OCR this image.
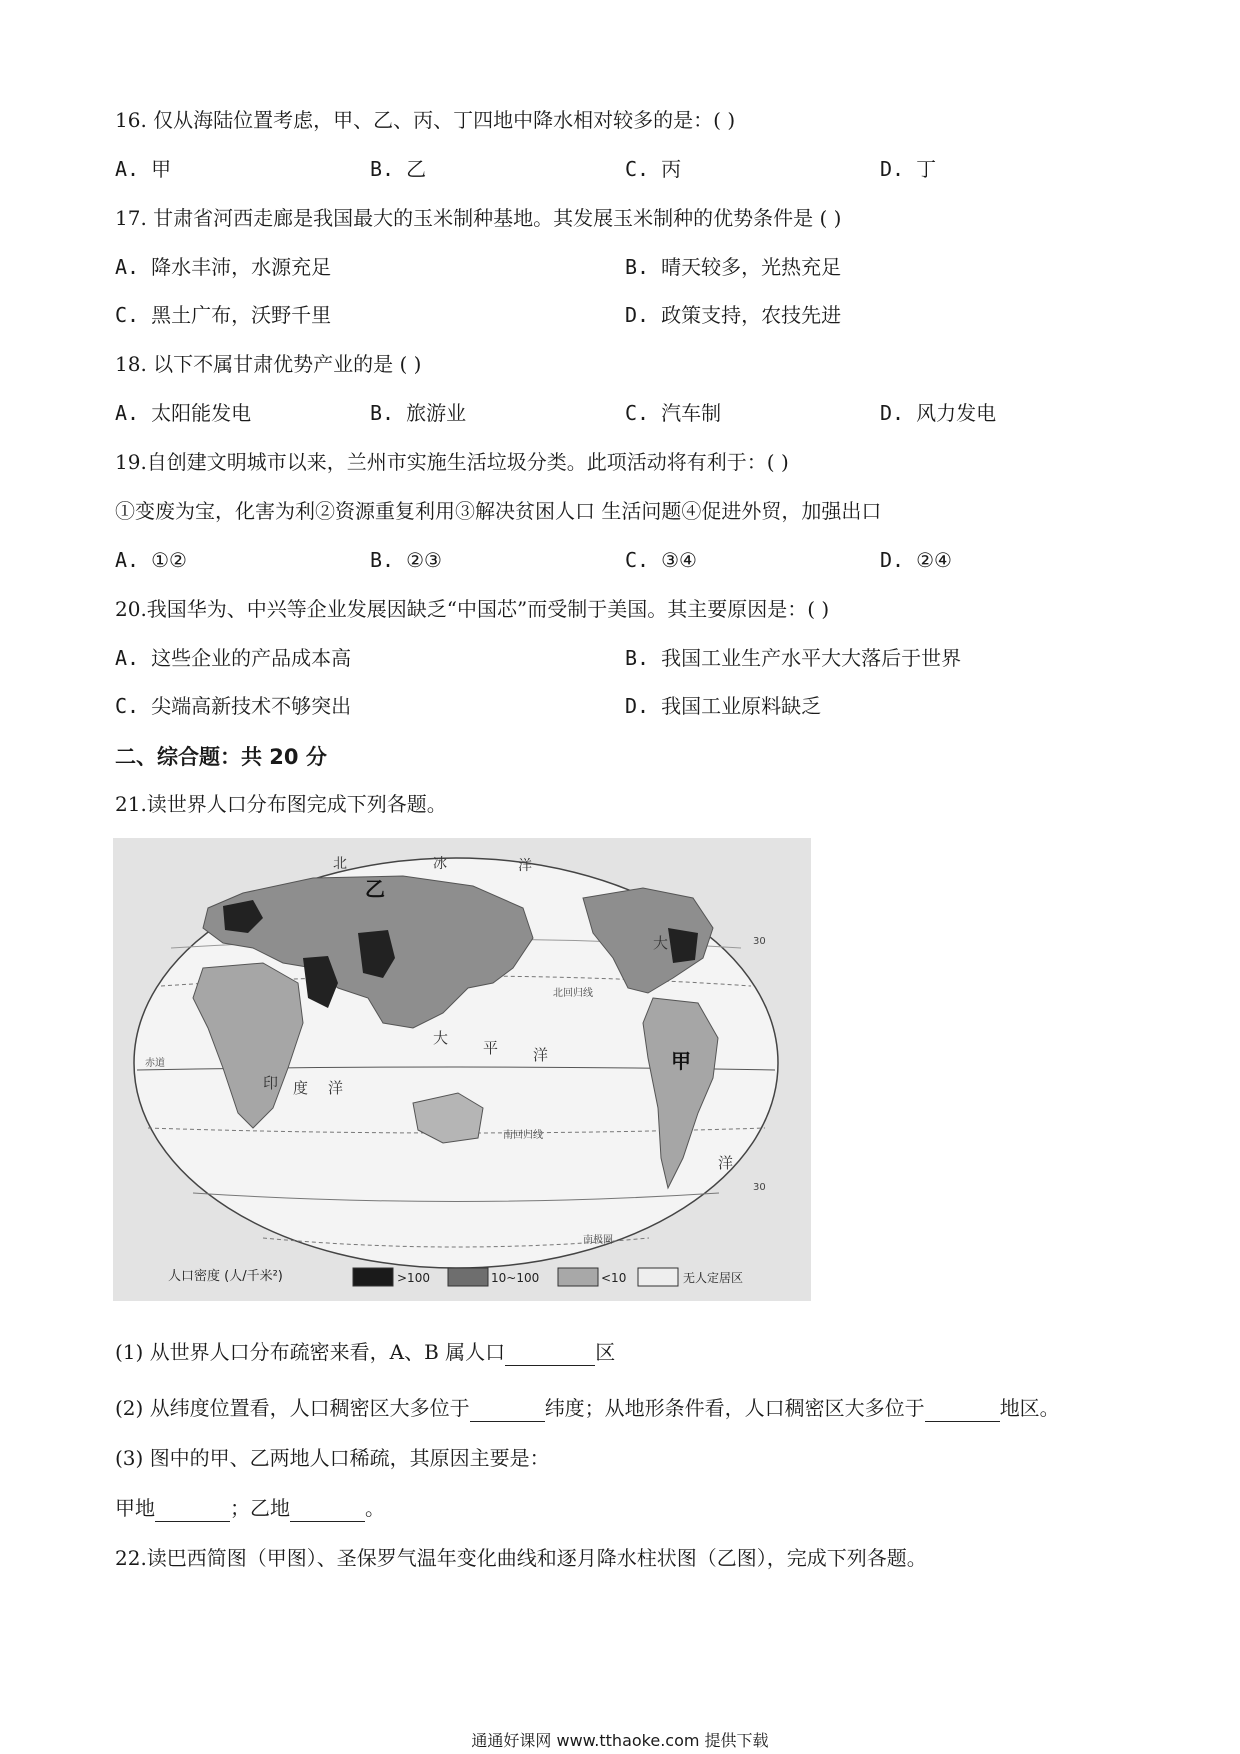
16. 仅从海陆位置考虑，甲、乙、丙、丁四地中降水相对较多的是：( )
A. 甲	B. 乙	C. 丙	D. 丁
17. 甘肃省河西走廊是我国最大的玉米制种基地。其发展玉米制种的优势条件是 ( )
A. 降水丰沛，水源充足	B. 晴天较多，光热充足
C. 黑土广布，沃野千里	D. 政策支持，农技先进
18. 以下不属甘肃优势产业的是 ( )
A. 太阳能发电	B. 旅游业	C. 汽车制	D. 风力发电
19.自创建文明城市以来，兰州市实施生活垃圾分类。此项活动将有利于：( )
①变废为宝，化害为利②资源重复利用③解决贫困人口 生活问题④促进外贸，加强出口
A. ①②	B. ②③	C. ③④	D. ②④
20.我国华为、中兴等企业发展因缺乏“中国芯”而受制于美国。其主要原因是：( )
A. 这些企业的产品成本高	B. 我国工业生产水平大大落后于世界
C. 尖端高新技术不够突出	D. 我国工业原料缺乏
二、综合题：共 20 分
21.读世界人口分布图完成下列各题。
北	冰	洋
乙
甲
大
平 洋
印 度 洋
大
洋
北回归线
南回归线
南极圈
赤道
30
30
人口密度 (人/千米²)	>100	10~100	<10	无人定居区
(1) 从世界人口分布疏密来看，A、B 属人口	区
(2) 从纬度位置看，人口稠密区大多位于	纬度；从地形条件看，人口稠密区大多位于	地区。
(3) 图中的甲、乙两地人口稀疏，其原因主要是：
甲地	；乙地	。
22.读巴西简图（甲图）、圣保罗气温年变化曲线和逐月降水柱状图（乙图），完成下列各题。
通通好课网 www.tthaoke.com 提供下载
